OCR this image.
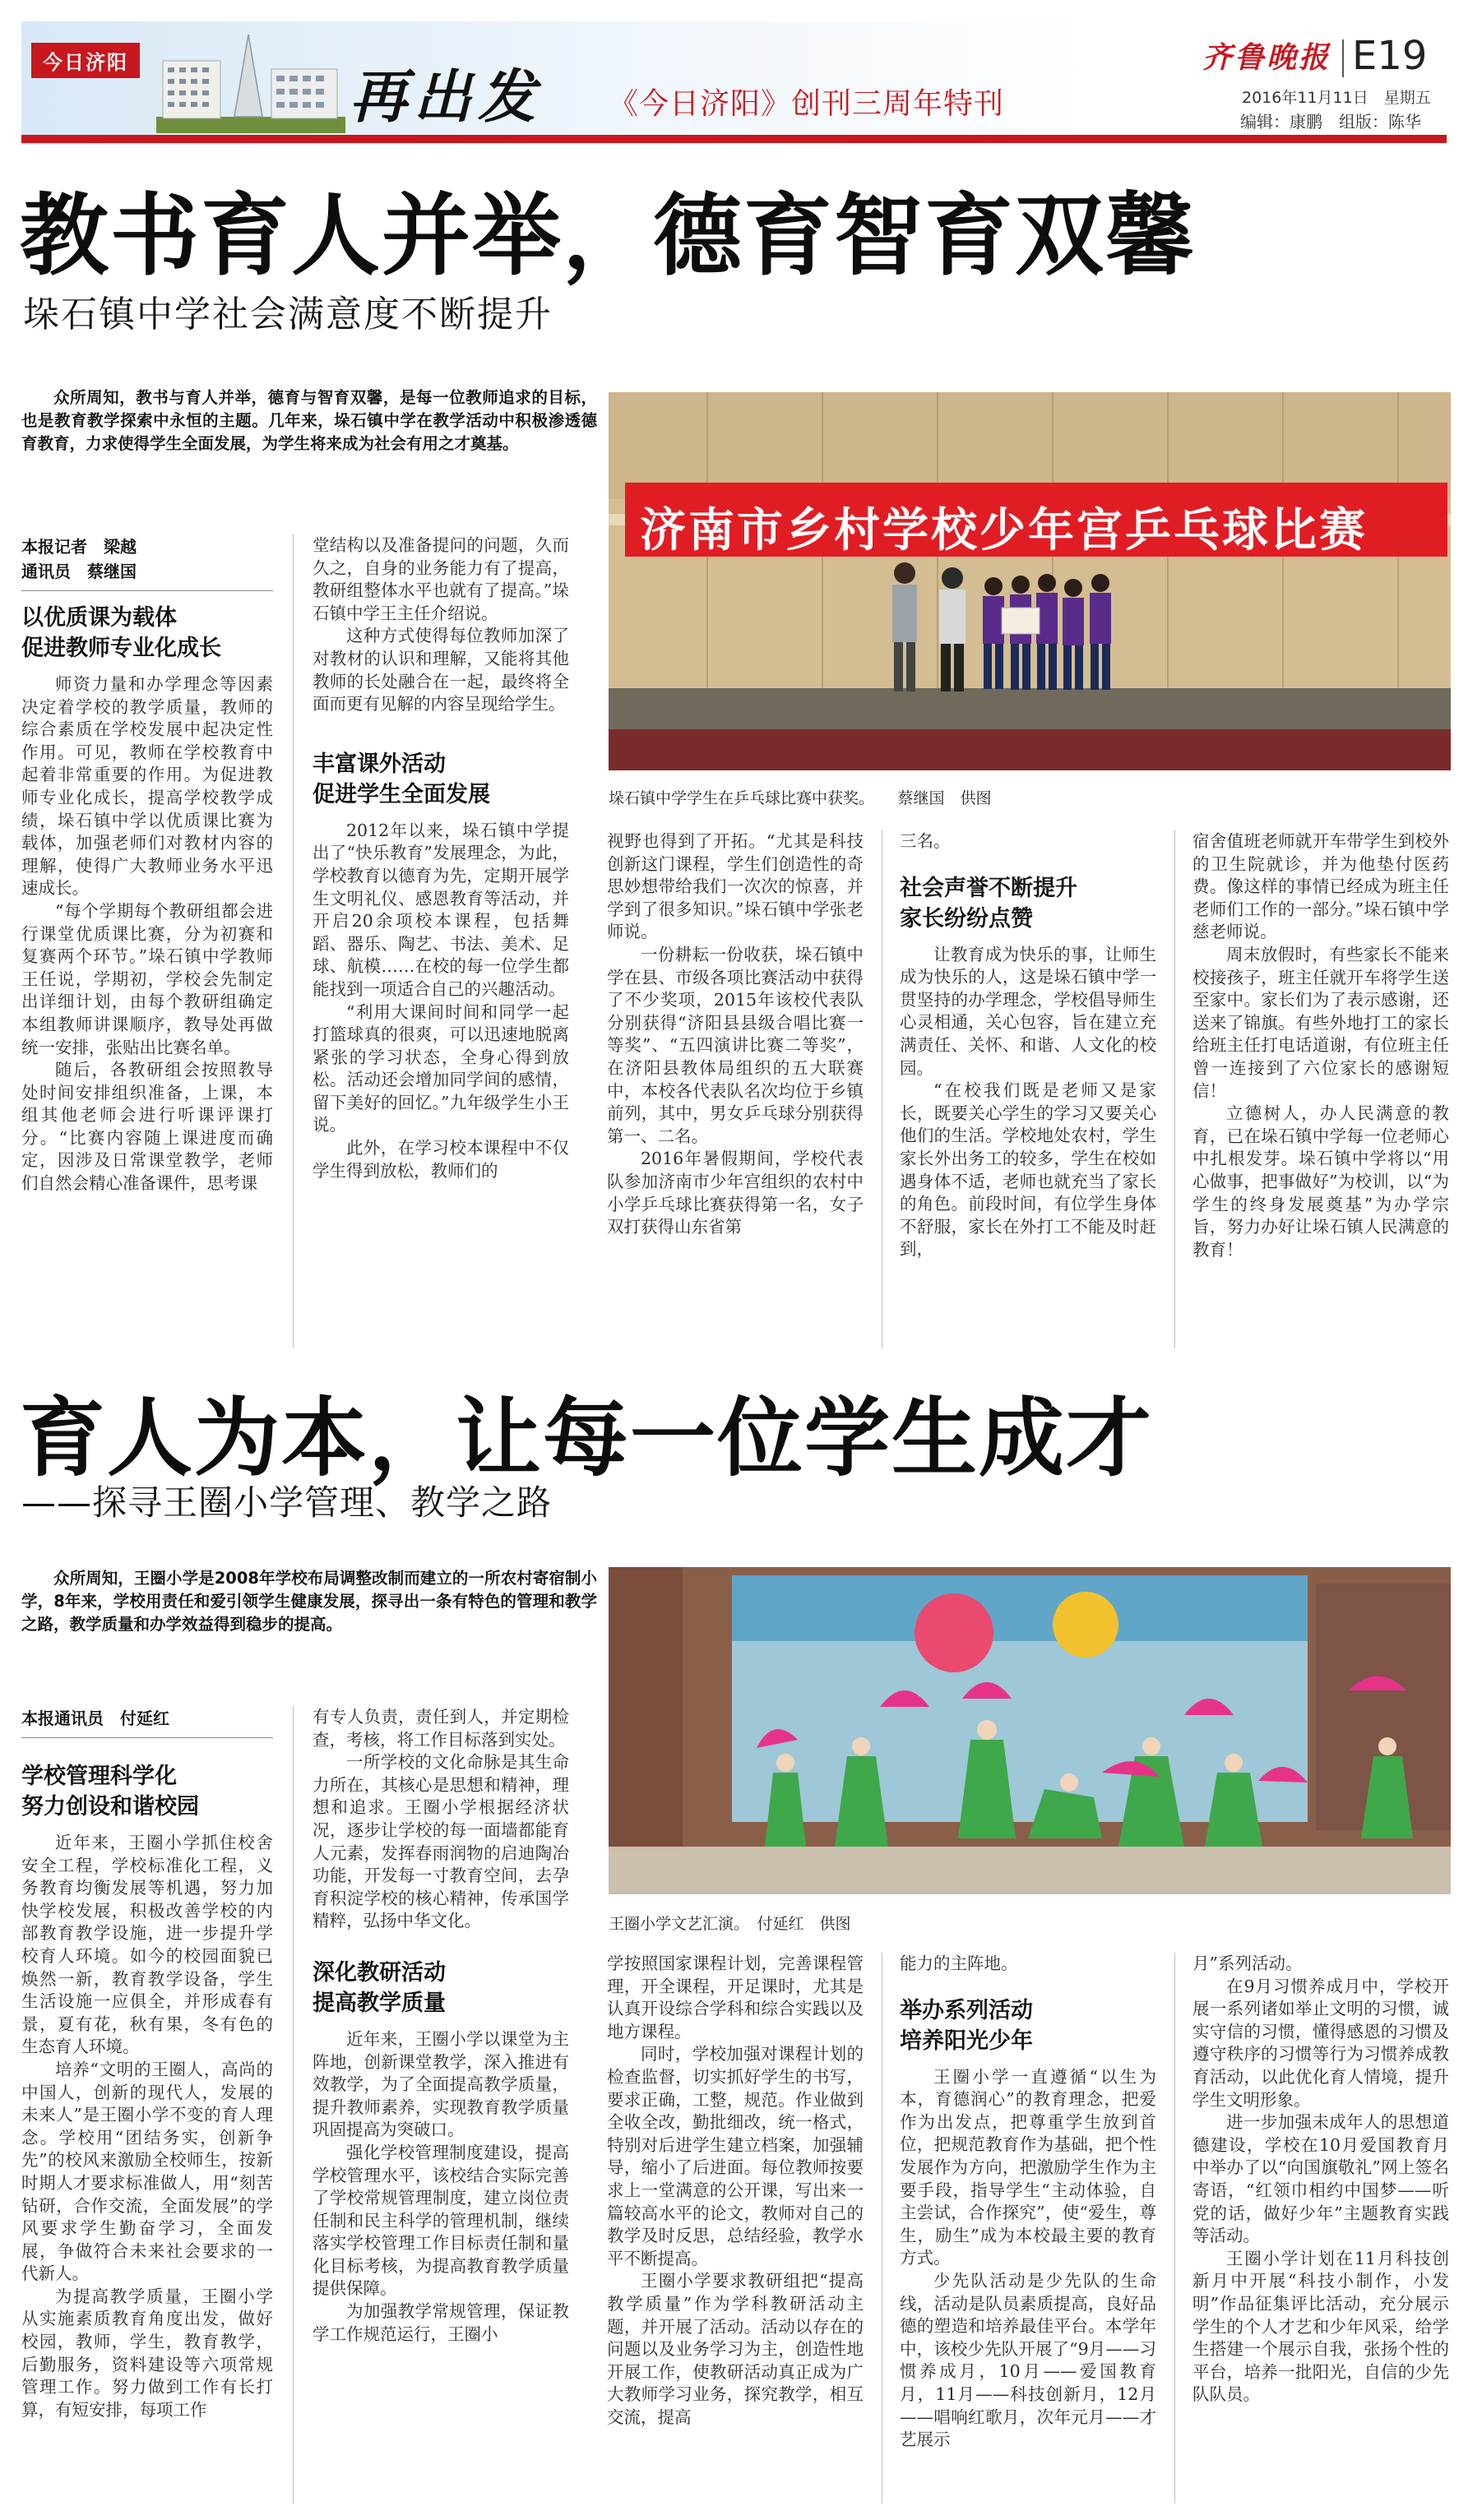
今日济阳	再出发 《今日济阳》创刊三周年特刊
齐鲁晚报 E19
2016年11月11日　星期五
编辑：康鹏　组版：陈华
教书育人并举，德育智育双馨
垛石镇中学社会满意度不断提升

众所周知，教书与育人并举，德育与智育双馨，是每一位教师追求的目标，也是教育教学探索中永恒的主题。几年来，垛石镇中学在教学活动中积极渗透德育教育，力求使得学生全面发展，为学生将来成为社会有用之才奠基。

济南市乡村学校少年宫乒乓球比赛

垛石镇中学学生在乒乓球比赛中获奖。　　蔡继国　供图

本报记者　梁越

通讯员　蔡继国

以优质课为载体
促进教师专业化成长

师资力量和办学理念等因素决定着学校的教学质量，教师的综合素质在学校发展中起决定性作用。可见，教师在学校教育中起着非常重要的作用。为促进教师专业化成长，提高学校教学成绩，垛石镇中学以优质课比赛为载体，加强老师们对教材内容的理解，使得广大教师业务水平迅速成长。

“每个学期每个教研组都会进行课堂优质课比赛，分为初赛和复赛两个环节。”垛石镇中学教师王任说，学期初，学校会先制定出详细计划，由每个教研组确定本组教师讲课顺序，教导处再做统一安排，张贴出比赛名单。

随后，各教研组会按照教导处时间安排组织准备，上课，本组其他老师会进行听课评课打分。“比赛内容随上课进度而确定，因涉及日常课堂教学，老师们自然会精心准备课件，思考课

堂结构以及准备提问的问题，久而久之，自身的业务能力有了提高，教研组整体水平也就有了提高。”垛石镇中学王主任介绍说。

这种方式使得每位教师加深了对教材的认识和理解，又能将其他教师的长处融合在一起，最终将全面而更有见解的内容呈现给学生。

丰富课外活动
促进学生全面发展

2012年以来，垛石镇中学提出了“快乐教育”发展理念，为此，学校教育以德育为先，定期开展学生文明礼仪、感恩教育等活动，并开启20余项校本课程，包括舞蹈、器乐、陶艺、书法、美术、足球、航模……在校的每一位学生都能找到一项适合自己的兴趣活动。

“利用大课间时间和同学一起打篮球真的很爽，可以迅速地脱离紧张的学习状态，全身心得到放松。活动还会增加同学间的感情，留下美好的回忆。”九年级学生小王说。

此外，在学习校本课程中不仅学生得到放松，教师们的

视野也得到了开拓。“尤其是科技创新这门课程，学生们创造性的奇思妙想带给我们一次次的惊喜，并学到了很多知识。”垛石镇中学张老师说。

一份耕耘一份收获，垛石镇中学在县、市级各项比赛活动中获得了不少奖项，2015年该校代表队分别获得“济阳县县级合唱比赛一等奖”、“五四演讲比赛二等奖”，在济阳县教体局组织的五大联赛中，本校各代表队名次均位于乡镇前列，其中，男女乒乓球分别获得第一、二名。

2016年暑假期间，学校代表队参加济南市少年宫组织的农村中小学乒乓球比赛获得第一名，女子双打获得山东省第

三名。

社会声誉不断提升
家长纷纷点赞

让教育成为快乐的事，让师生成为快乐的人，这是垛石镇中学一贯坚持的办学理念，学校倡导师生心灵相通，关心包容，旨在建立充满责任、关怀、和谐、人文化的校园。

“在校我们既是老师又是家长，既要关心学生的学习又要关心他们的生活。学校地处农村，学生家长外出务工的较多，学生在校如遇身体不适，老师也就充当了家长的角色。前段时间，有位学生身体不舒服，家长在外打工不能及时赶到，

宿舍值班老师就开车带学生到校外的卫生院就诊，并为他垫付医药费。像这样的事情已经成为班主任老师们工作的一部分。”垛石镇中学慈老师说。

周末放假时，有些家长不能来校接孩子，班主任就开车将学生送至家中。家长们为了表示感谢，还送来了锦旗。有些外地打工的家长给班主任打电话道谢，有位班主任曾一连接到了六位家长的感谢短信！

立德树人，办人民满意的教育，已在垛石镇中学每一位老师心中扎根发芽。垛石镇中学将以“用心做事，把事做好”为校训，以“为学生的终身发展奠基”为办学宗旨，努力办好让垛石镇人民满意的教育！

育人为本，让每一位学生成才
——探寻王圈小学管理、教学之路

众所周知，王圈小学是2008年学校布局调整改制而建立的一所农村寄宿制小学，8年来，学校用责任和爱引领学生健康发展，探寻出一条有特色的管理和教学之路，教学质量和办学效益得到稳步的提高。

王圈小学文艺汇演。　付延红　供图

本报通讯员　付延红

学校管理科学化
努力创设和谐校园

近年来，王圈小学抓住校舍安全工程，学校标准化工程，义务教育均衡发展等机遇，努力加快学校发展，积极改善学校的内部教育教学设施，进一步提升学校育人环境。如今的校园面貌已焕然一新，教育教学设备，学生生活设施一应俱全，并形成春有景，夏有花，秋有果，冬有色的生态育人环境。

培养“文明的王圈人，高尚的中国人，创新的现代人，发展的未来人”是王圈小学不变的育人理念。学校用“团结务实，创新争先”的校风来激励全校师生，按新时期人才要求标准做人，用“刻苦钻研，合作交流，全面发展”的学风要求学生勤奋学习，全面发展，争做符合未来社会要求的一代新人。

为提高教学质量，王圈小学从实施素质教育角度出发，做好校园，教师，学生，教育教学，后勤服务，资料建设等六项常规管理工作。努力做到工作有长打算，有短安排，每项工作

有专人负责，责任到人，并定期检查，考核，将工作目标落到实处。

一所学校的文化命脉是其生命力所在，其核心是思想和精神，理想和追求。王圈小学根据经济状况，逐步让学校的每一面墙都能育人元素，发挥春雨润物的启迪陶冶功能，开发每一寸教育空间，去孕育积淀学校的核心精神，传承国学精粹，弘扬中华文化。

深化教研活动
提高教学质量

近年来，王圈小学以课堂为主阵地，创新课堂教学，深入推进有效教学，为了全面提高教学质量，提升教师素养，实现教育教学质量巩固提高为突破口。

强化学校管理制度建设，提高学校管理水平，该校结合实际完善了学校常规管理制度，建立岗位责任制和民主科学的管理机制，继续落实学校管理工作目标责任制和量化目标考核，为提高教育教学质量提供保障。

为加强教学常规管理，保证教学工作规范运行，王圈小

学按照国家课程计划，完善课程管理，开全课程，开足课时，尤其是认真开设综合学科和综合实践以及地方课程。

同时，学校加强对课程计划的检查监督，切实抓好学生的书写，要求正确，工整，规范。作业做到全收全改，勤批细改，统一格式，特别对后进学生建立档案，加强辅导，缩小了后进面。每位教师按要求上一堂满意的公开课，写出来一篇较高水平的论文，教师对自己的教学及时反思，总结经验，教学水平不断提高。

王圈小学要求教研组把“提高教学质量”作为学科教研活动主题，并开展了活动。活动以存在的问题以及业务学习为主，创造性地开展工作，使教研活动真正成为广大教师学习业务，探究教学，相互交流，提高

能力的主阵地。

举办系列活动
培养阳光少年

王圈小学一直遵循“以生为本，育德润心”的教育理念，把爱作为出发点，把尊重学生放到首位，把规范教育作为基础，把个性发展作为方向，把激励学生作为主要手段，指导学生“主动体验，自主尝试，合作探究”，使“爱生，尊生，励生”成为本校最主要的教育方式。

少先队活动是少先队的生命线，活动是队员素质提高，良好品德的塑造和培养最佳平台。本学年中，该校少先队开展了“9月——习惯养成月，10月——爱国教育月，11月——科技创新月，12月——唱响红歌月，次年元月——才艺展示

月”系列活动。

在9月习惯养成月中，学校开展一系列诸如举止文明的习惯，诚实守信的习惯，懂得感恩的习惯及遵守秩序的习惯等行为习惯养成教育活动，以此优化育人情境，提升学生文明形象。

进一步加强未成年人的思想道德建设，学校在10月爱国教育月中举办了以“向国旗敬礼”网上签名寄语，“红领巾相约中国梦——听党的话，做好少年”主题教育实践等活动。

王圈小学计划在11月科技创新月中开展“科技小制作，小发明”作品征集评比活动，充分展示学生的个人才艺和少年风采，给学生搭建一个展示自我，张扬个性的平台，培养一批阳光，自信的少先队队员。
